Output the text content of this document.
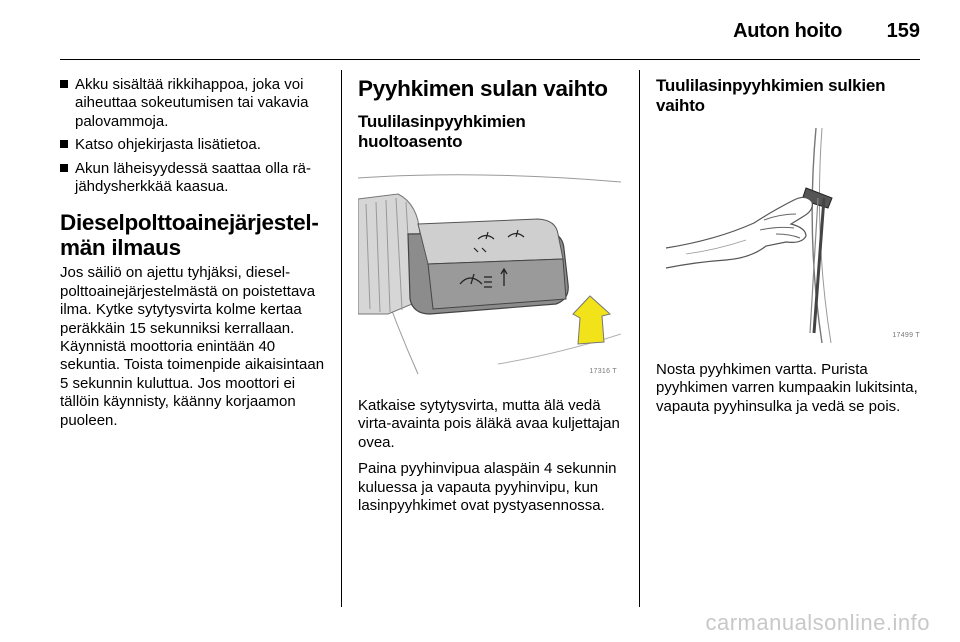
Auton hoito 159
Akku sisältää rikkihappoa, joka voi aiheuttaa sokeutumisen tai vakavia palovammoja.
Katso ohjekirjasta lisätietoa.
Akun läheisyydessä saattaa olla räjähdysherkkää kaasua.
Dieselpolttoainejärjestelmän ilmaus

Jos säiliö on ajettu tyhjäksi, dieselpolttoainejärjestelmästä on poistettava ilma. Kytke sytytysvirta kolme kertaa peräkkäin 15 sekunniksi kerrallaan. Käynnistä moottoria enintään 40 sekuntia. Toista toimenpide aikaisintaan 5 sekunnin kuluttua. Jos moottori ei tällöin käynnisty, käänny korjaamon puoleen.

Pyyhkimen sulan vaihto
Tuulilasinpyyhkimien huoltoasento
17316 T

Katkaise sytytysvirta, mutta älä vedä virta-avainta pois äläkä avaa kuljettajan ovea.

Paina pyyhinvipua alaspäin 4 sekunnin kuluessa ja vapauta pyyhinvipu, kun lasinpyyhkimet ovat pystyasennossa.

Tuulilasinpyyhkimien sulkien vaihto
17499 T

Nosta pyyhkimen vartta. Purista pyyhkimen varren kumpaakin lukitsinta, vapauta pyyhinsulka ja vedä se pois.

carmanualsonline.info
